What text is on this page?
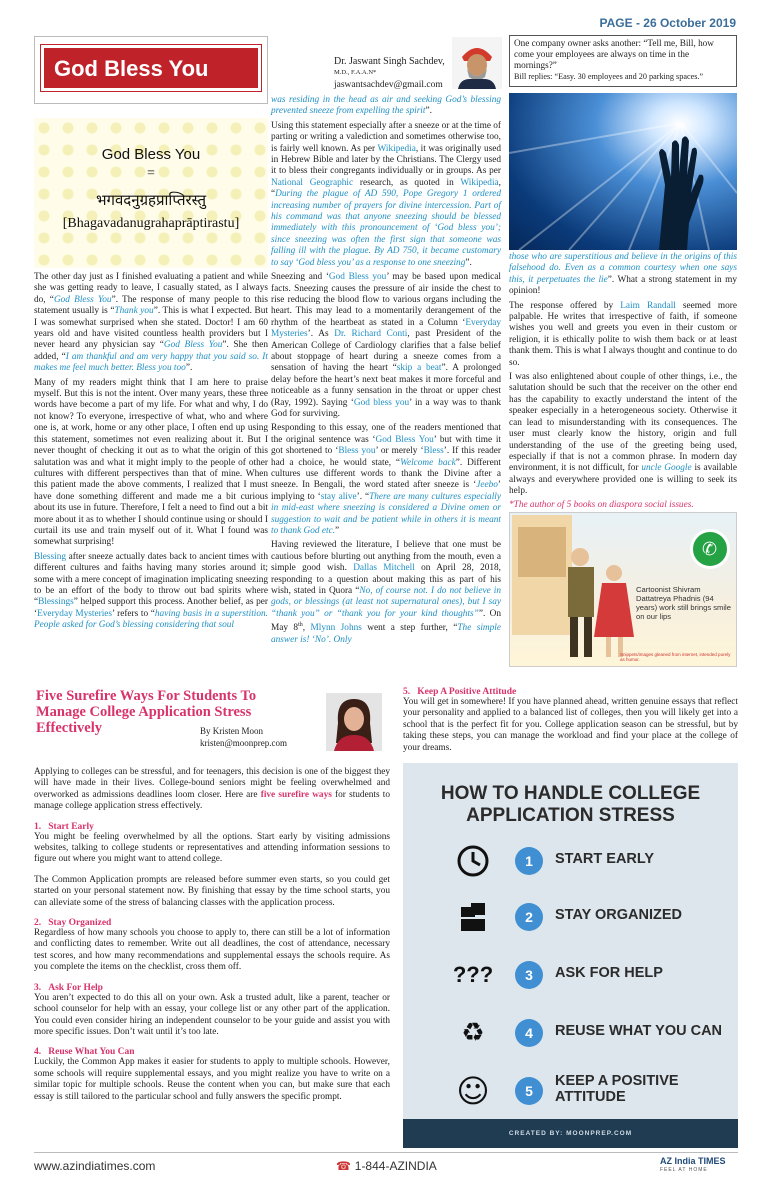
PAGE - 26 October 2019
God Bless You
God Bless You
=
भगवदनुग्रहप्राप्तिरस्तु
[Bhagavadanugrahaprāptirastu]

The other day just as I finished evaluating a patient and while she was getting ready to leave, I casually stated, as I always do, “God Bless You”. The response of many people to this statement usually is “Thank you”. This is what I expected. But I was somewhat surprised when she stated. Doctor! I am 60 years old and have visited countless health providers but I never heard any physician say “God Bless You”. She then added, “I am thankful and am very happy that you said so. It makes me feel much better. Bless you too”.

Many of my readers might think that I am here to praise myself. But this is not the intent. Over many years, these three words have become a part of my life. For what and why, I do not know? To everyone, irrespective of what, who and where one is, at work, home or any other place, I often end up using this statement, sometimes not even realizing about it. But I never thought of checking it out as to what the origin of this salutation was and what it might imply to the people of other cultures with different perspectives than that of mine. When this patient made the above comments, I realized that I must have done something different and made me a bit curious about its use in future. Therefore, I felt a need to find out a bit more about it as to whether I should continue using or should I curtail its use and train myself out of it. What I found was somewhat surprising!

Blessing after sneeze actually dates back to ancient times with different cultures and faiths having many stories around it; some with a mere concept of imagination implicating sneezing to be an effort of the body to throw out bad spirits where “Blessings” helped support this process. Another belief, as per ‘Everyday Mysteries’ refers to “having basis in a superstition. People asked for God’s blessing considering that soul

Dr. Jaswant Singh Sachdev,
M.D., F.A.A.N*
jaswantsachdev@gmail.com

was residing in the head as air and seeking God’s blessing prevented sneeze from expelling the spirit”.

Using this statement especially after a sneeze or at the time of parting or writing a valediction and sometimes otherwise too, is fairly well known. As per Wikipedia, it was originally used in Hebrew Bible and later by the Christians. The Clergy used it to bless their congregants individually or in groups. As per National Geographic research, as quoted in Wikipedia, “During the plague of AD 590, Pope Gregory 1 ordered increasing number of prayers for divine intercession. Part of his command was that anyone sneezing should be blessed immediately with this pronouncement of ‘God bless you’; since sneezing was often the first sign that someone was falling ill with the plague. By AD 750, it became customary to say ‘God bless you’ as a response to one sneezing”.

Sneezing and ‘God Bless you’ may be based upon medical facts. Sneezing causes the pressure of air inside the chest to rise reducing the blood flow to various organs including the heart. This may lead to a momentarily derangement of the rhythm of the heartbeat as stated in a Column ‘Everyday Mysteries’. As Dr. Richard Conti, past President of the American College of Cardiology clarifies that a false belief about stoppage of heart during a sneeze comes from a sensation of having the heart “skip a beat”. A prolonged delay before the heart’s next beat makes it more forceful and noticeable as a funny sensation in the throat or upper chest (Ray, 1992). Saying ‘God bless you’ in a way was to thank God for surviving.

Responding to this essay, one of the readers mentioned that the original sentence was ‘God Bless You’ but with time it got shortened to ‘Bless you’ or merely ‘Bless’. If this reader had a choice, he would state, “Welcome back”. Different cultures use different words to thank the Divine after a sneeze. In Bengali, the word stated after sneeze is ‘Jeebo’ implying to ‘stay alive’. “There are many cultures especially in mid-east where sneezing is considered a Divine omen or suggestion to wait and be patient while in others it is meant to thank God etc.”

Having reviewed the literature, I believe that one must be cautious before blurting out anything from the mouth, even a simple good wish. Dallas Mitchell on April 28, 2018, responding to a question about making this as part of his wish, stated in Quora “No, of course not. I do not believe in gods, or blessings (at least not supernatural ones), but I say “thank you” or “thank you for your kind thoughts””. On May 8th, Mlynn Johns went a step further, “The simple answer is! ‘No’. Only

One company owner asks another: “Tell me, Bill, how come your employees are always on time in the mornings?”
Bill replies: “Easy. 30 employees and 20 parking spaces.”

those who are superstitious and believe in the origins of this falsehood do. Even as a common courtesy when one says this, it perpetuates the lie”. What a strong statement in my opinion!

The response offered by Laim Randall seemed more palpable. He writes that irrespective of faith, if someone wishes you well and greets you even in their custom or religion, it is ethically polite to wish them back or at least thank them. This is what I always thought and continue to do so.

I was also enlightened about couple of other things, i.e., the salutation should be such that the receiver on the other end has the capability to exactly understand the intent of the speaker especially in a heterogeneous society. Otherwise it can lead to misunderstanding with its consequences. The user must clearly know the history, origin and full understanding of the use of the greeting being used, especially if that is not a common phrase. In modern day environment, it is not difficult, for uncle Google is available always and everywhere provided one is willing to seek its help.

*The author of 5 books on diaspora social issues.

✆
Cartoonist Shivram Dattatreya Phadnis (94 years) work still brings smile on our lips
Snippets/images gleaned from internet, intended purely as humor.
Five Surefire Ways For Students To Manage College Application Stress Effectively	By Kristen Moon
kristen@moonprep.com

Applying to colleges can be stressful, and for teenagers, this decision is one of the biggest they will have made in their lives. College-bound seniors might be feeling overwhelmed and overworked as admissions deadlines loom closer. Here are five surefire ways for students to manage college application stress effectively.

1.   Start Early

You might be feeling overwhelmed by all the options. Start early by visiting admissions websites, talking to college students or representatives and attending information sessions to figure out where you might want to attend college.

The Common Application prompts are released before summer even starts, so you could get started on your personal statement now. By finishing that essay by the time school starts, you can alleviate some of the stress of balancing classes with the application process.

2.   Stay Organized

Regardless of how many schools you choose to apply to, there can still be a lot of information and conflicting dates to remember. Write out all deadlines, the cost of attendance, necessary test scores, and how many recommendations and supplemental essays the schools require. As you complete the items on the checklist, cross them off.

3.   Ask For Help

You aren’t expected to do this all on your own. Ask a trusted adult, like a parent, teacher or school counselor for help with an essay, your college list or any other part of the application. You could even consider hiring an independent counselor to be your guide and assist you with more specific issues. Don’t wait until it’s too late.

4.   Reuse What You Can

Luckily, the Common App makes it easier for students to apply to multiple schools. However, some schools will require supplemental essays, and you might realize you have to write on a similar topic for multiple schools. Reuse the content when you can, but make sure that each essay is still tailored to the particular school and fully answers the specific prompt.

5.   Keep A Positive Attitude

You will get in somewhere! If you have planned ahead, written genuine essays that reflect your personality and applied to a balanced list of colleges, then you will likely get into a school that is the perfect fit for you. College application season can be stressful, but by taking these steps, you can manage the workload and find your place at the college of your dreams.

HOW TO HANDLE COLLEGE
APPLICATION STRESS
1	START EARLY
2	STAY ORGANIZED
???	3	ASK FOR HELP
♻	4	REUSE WHAT YOU CAN
☺	5
KEEP A POSITIVE
ATTITUDE
CREATED BY: MOONPREP.COM
www.azindiatimes.com	☎ 1-844-AZINDIA	AZ India TIMES
FEEL AT HOME
